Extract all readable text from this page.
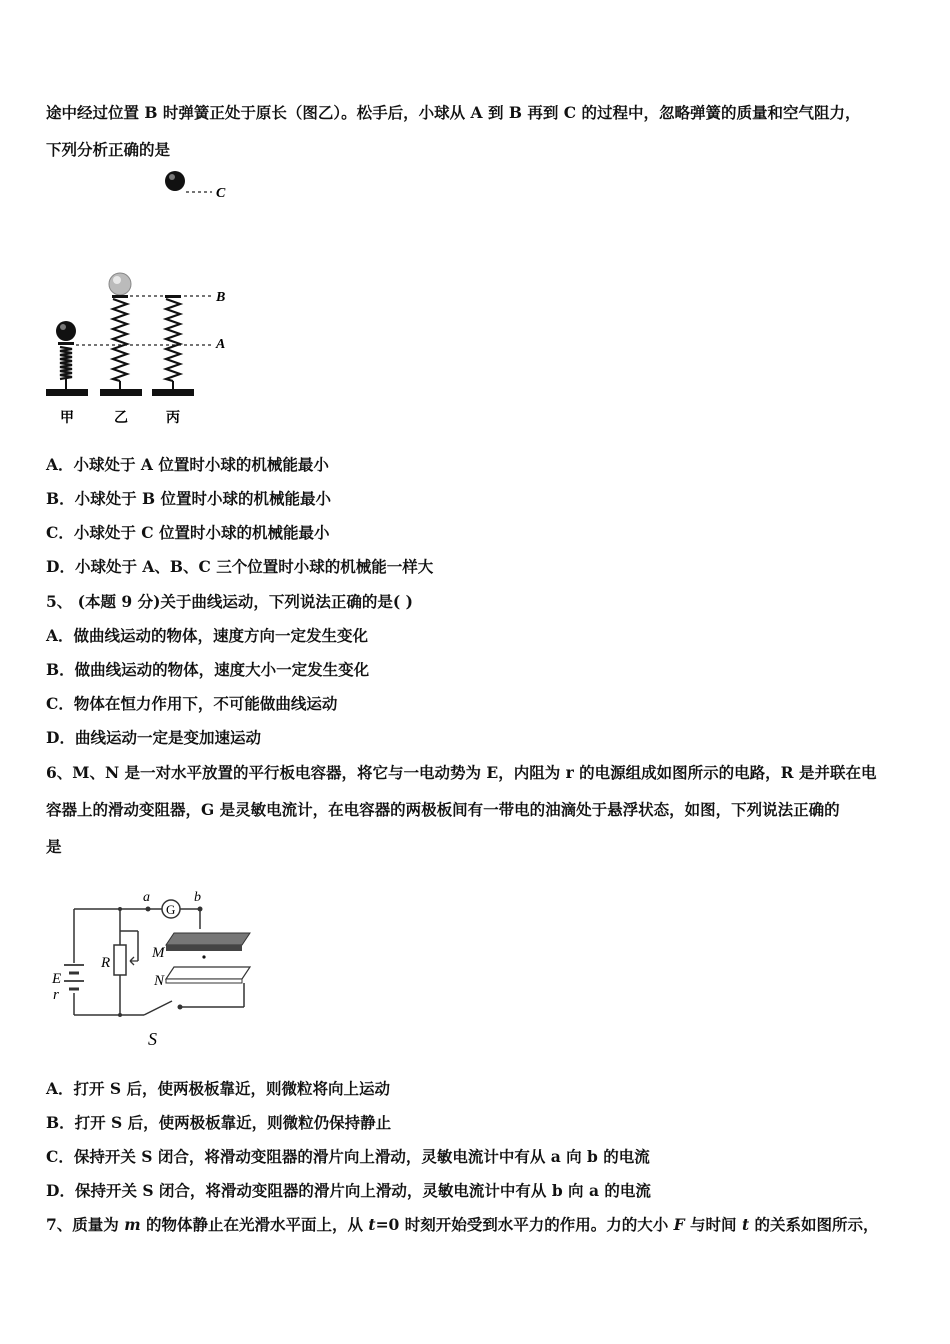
途中经过位置 B 时弹簧正处于原长（图乙）。松手后，小球从 A 到 B 再到 C 的过程中，忽略弹簧的质量和空气阻力，
下列分析正确的是
C
B
A
甲	乙	丙
A．小球处于 A 位置时小球的机械能最小
B．小球处于 B 位置时小球的机械能最小
C．小球处于 C 位置时小球的机械能最小
D．小球处于 A、B、C 三个位置时小球的机械能一样大
5、 (本题 9 分)关于曲线运动，下列说法正确的是( )
A．做曲线运动的物体，速度方向一定发生变化
B．做曲线运动的物体，速度大小一定发生变化
C．物体在恒力作用下，不可能做曲线运动
D．曲线运动一定是变加速运动
6、M、N 是一对水平放置的平行板电容器，将它与一电动势为 E，内阻为 r 的电源组成如图所示的电路，R 是并联在电
容器上的滑动变阻器，G 是灵敏电流计，在电容器的两极板间有一带电的油滴处于悬浮状态，如图，下列说法正确的
是
G
a	b
M
N
R
E
r
S
A．打开 S 后，使两极板靠近，则微粒将向上运动
B．打开 S 后，使两极板靠近，则微粒仍保持静止
C．保持开关 S 闭合，将滑动变阻器的滑片向上滑动，灵敏电流计中有从 a 向 b 的电流
D．保持开关 S 闭合，将滑动变阻器的滑片向上滑动，灵敏电流计中有从 b 向 a 的电流
7、质量为 m 的物体静止在光滑水平面上，从 t=0 时刻开始受到水平力的作用。力的大小 F 与时间 t 的关系如图所示，
